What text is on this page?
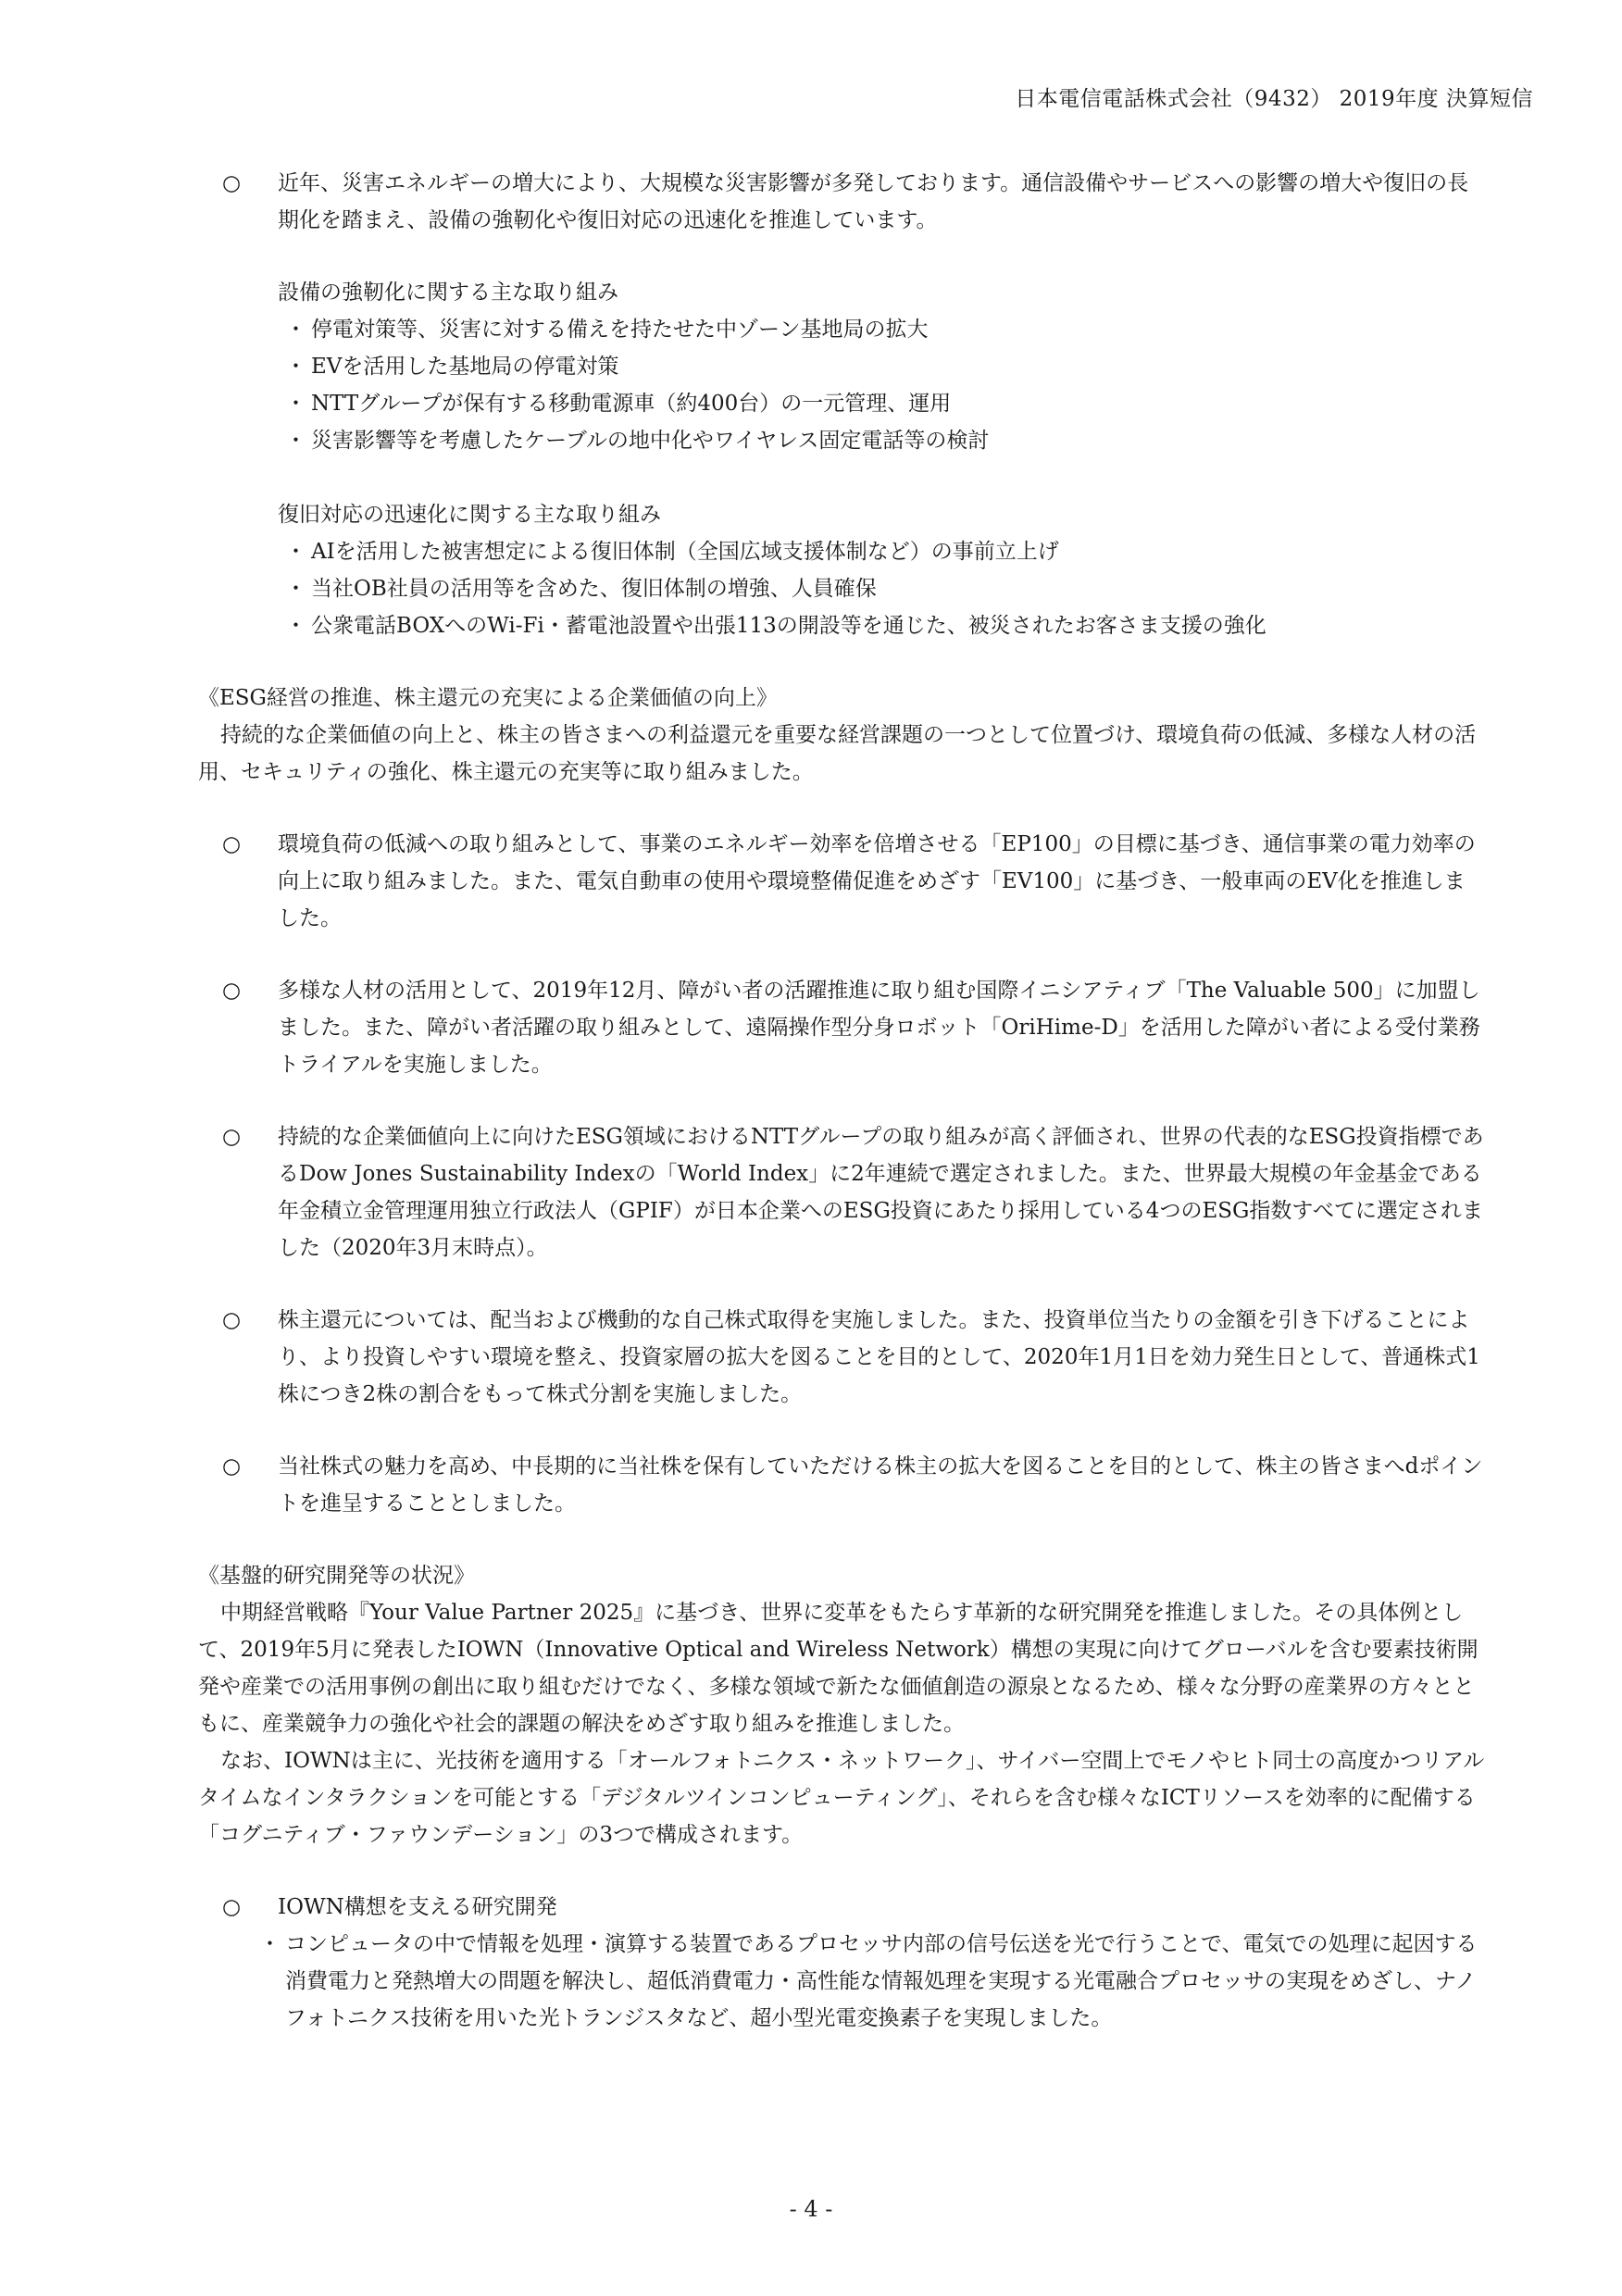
日本電信電話株式会社（9432） 2019年度 決算短信
○ 近年、災害エネルギーの増大により、大規模な災害影響が多発しております。通信設備やサービスへの影響の増大や復旧の長期化を踏まえ、設備の強靭化や復旧対応の迅速化を推進しています。
設備の強靭化に関する主な取り組み
・ 停電対策等、災害に対する備えを持たせた中ゾーン基地局の拡大
・ EVを活用した基地局の停電対策
・ NTTグループが保有する移動電源車（約400台）の一元管理、運用
・ 災害影響等を考慮したケーブルの地中化やワイヤレス固定電話等の検討
復旧対応の迅速化に関する主な取り組み
・ AIを活用した被害想定による復旧体制（全国広域支援体制など）の事前立上げ
・ 当社OB社員の活用等を含めた、復旧体制の増強、人員確保
・ 公衆電話BOXへのWi-Fi・蓄電池設置や出張113の開設等を通じた、被災されたお客さま支援の強化
《ESG経営の推進、株主還元の充実による企業価値の向上》
持続的な企業価値の向上と、株主の皆さまへの利益還元を重要な経営課題の一つとして位置づけ、環境負荷の低減、多様な人材の活用、セキュリティの強化、株主還元の充実等に取り組みました。
○ 環境負荷の低減への取り組みとして、事業のエネルギー効率を倍増させる「EP100」の目標に基づき、通信事業の電力効率の向上に取り組みました。また、電気自動車の使用や環境整備促進をめざす「EV100」に基づき、一般車両のEV化を推進しました。
○ 多様な人材の活用として、2019年12月、障がい者の活躍推進に取り組む国際イニシアティブ「The Valuable 500」に加盟しました。また、障がい者活躍の取り組みとして、遠隔操作型分身ロボット「OriHime-D」を活用した障がい者による受付業務トライアルを実施しました。
○ 持続的な企業価値向上に向けたESG領域におけるNTTグループの取り組みが高く評価され、世界の代表的なESG投資指標であるDow Jones Sustainability Indexの「World Index」に2年連続で選定されました。また、世界最大規模の年金基金である年金積立金管理運用独立行政法人（GPIF）が日本企業へのESG投資にあたり採用している4つのESG指数すべてに選定されました（2020年3月末時点）。
○ 株主還元については、配当および機動的な自己株式取得を実施しました。また、投資単位当たりの金額を引き下げることにより、より投資しやすい環境を整え、投資家層の拡大を図ることを目的として、2020年1月1日を効力発生日として、普通株式1株につき2株の割合をもって株式分割を実施しました。
○ 当社株式の魅力を高め、中長期的に当社株を保有していただける株主の拡大を図ることを目的として、株主の皆さまへdポイントを進呈することとしました。
《基盤的研究開発等の状況》
中期経営戦略『Your Value Partner 2025』に基づき、世界に変革をもたらす革新的な研究開発を推進しました。その具体例として、2019年5月に発表したIOWN（Innovative Optical and Wireless Network）構想の実現に向けてグローバルを含む要素技術開発や産業での活用事例の創出に取り組むだけでなく、多様な領域で新たな価値創造の源泉となるため、様々な分野の産業界の方々とともに、産業競争力の強化や社会的課題の解決をめざす取り組みを推進しました。
なお、IOWNは主に、光技術を適用する「オールフォトニクス・ネットワーク」、サイバー空間上でモノやヒト同士の高度かつリアルタイムなインタラクションを可能とする「デジタルツインコンピューティング」、それらを含む様々なICTリソースを効率的に配備する「コグニティブ・ファウンデーション」の3つで構成されます。
○ IOWN構想を支える研究開発
・ コンピュータの中で情報を処理・演算する装置であるプロセッサ内部の信号伝送を光で行うことで、電気での処理に起因する消費電力と発熱増大の問題を解決し、超低消費電力・高性能な情報処理を実現する光電融合プロセッサの実現をめざし、ナノフォトニクス技術を用いた光トランジスタなど、超小型光電変換素子を実現しました。
- 4 -
